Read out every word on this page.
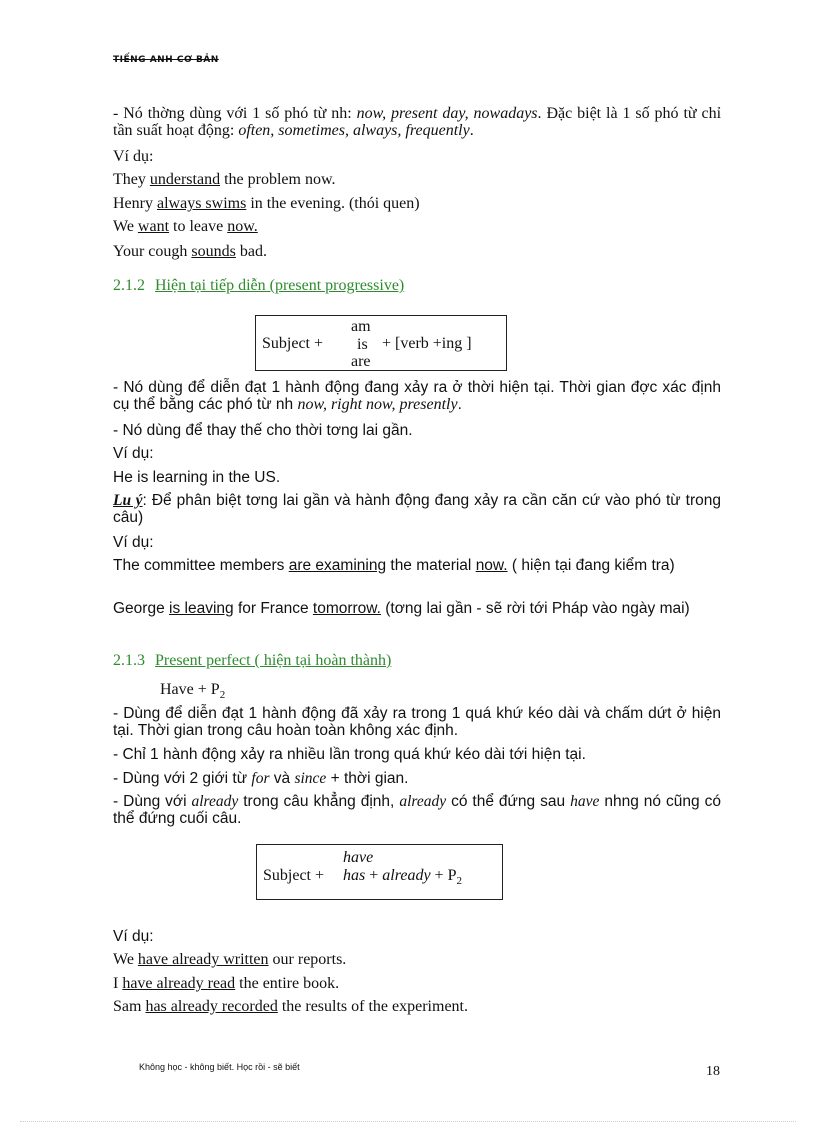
TIẾNG ANH CƠ BẢN
- Nó thờng dùng với 1 số phó từ nh: now, present day, nowadays. Đặc biệt là 1 số phó từ chỉ tần suất hoạt động: often, sometimes, always, frequently.
Ví dụ:
They understand the problem now.
Henry always swims in the evening. (thói quen)
We want to leave now.
Your cough sounds bad.
2.1.2 Hiện tại tiếp diễn (present progressive)
Subject +
am
is
are
+ [verb +ing ]
- Nó dùng để diễn đạt 1 hành động đang xảy ra ở thời hiện tại. Thời gian đợc xác định cụ thể bằng các phó từ nh now, right now, presently.
- Nó dùng để thay thế cho thời tơng lai gần.
Ví dụ:
He is learning in the US.
Lu ý: Để phân biệt tơng lai gần và hành động đang xảy ra cần căn cứ vào phó từ trong câu)
Ví dụ:
The committee members are examining the material now. ( hiện tại đang kiểm tra)
George is leaving for France tomorrow. (tơng lai gần - sẽ rời tới Pháp vào ngày mai)
2.1.3 Present perfect ( hiện tại hoàn thành)
Have + $P_2$
- Dùng để diễn đạt 1 hành động đã xảy ra trong 1 quá khứ kéo dài và chấm dứt ở hiện tại. Thời gian trong câu hoàn toàn không xác định.
- Chỉ 1 hành động xảy ra nhiều lần trong quá khứ kéo dài tới hiện tại.
- Dùng với 2 giới từ for và since + thời gian.
- Dùng với already trong câu khẳng định, already có thể đứng sau have nhng nó cũng có thể đứng cuối câu.
have
Subject + has + already + $P_2$
Ví dụ:
We have already written our reports.
I have already read the entire book.
Sam has already recorded the results of the experiment.
Không học - không biết. Học rồi - sẽ biết	18
